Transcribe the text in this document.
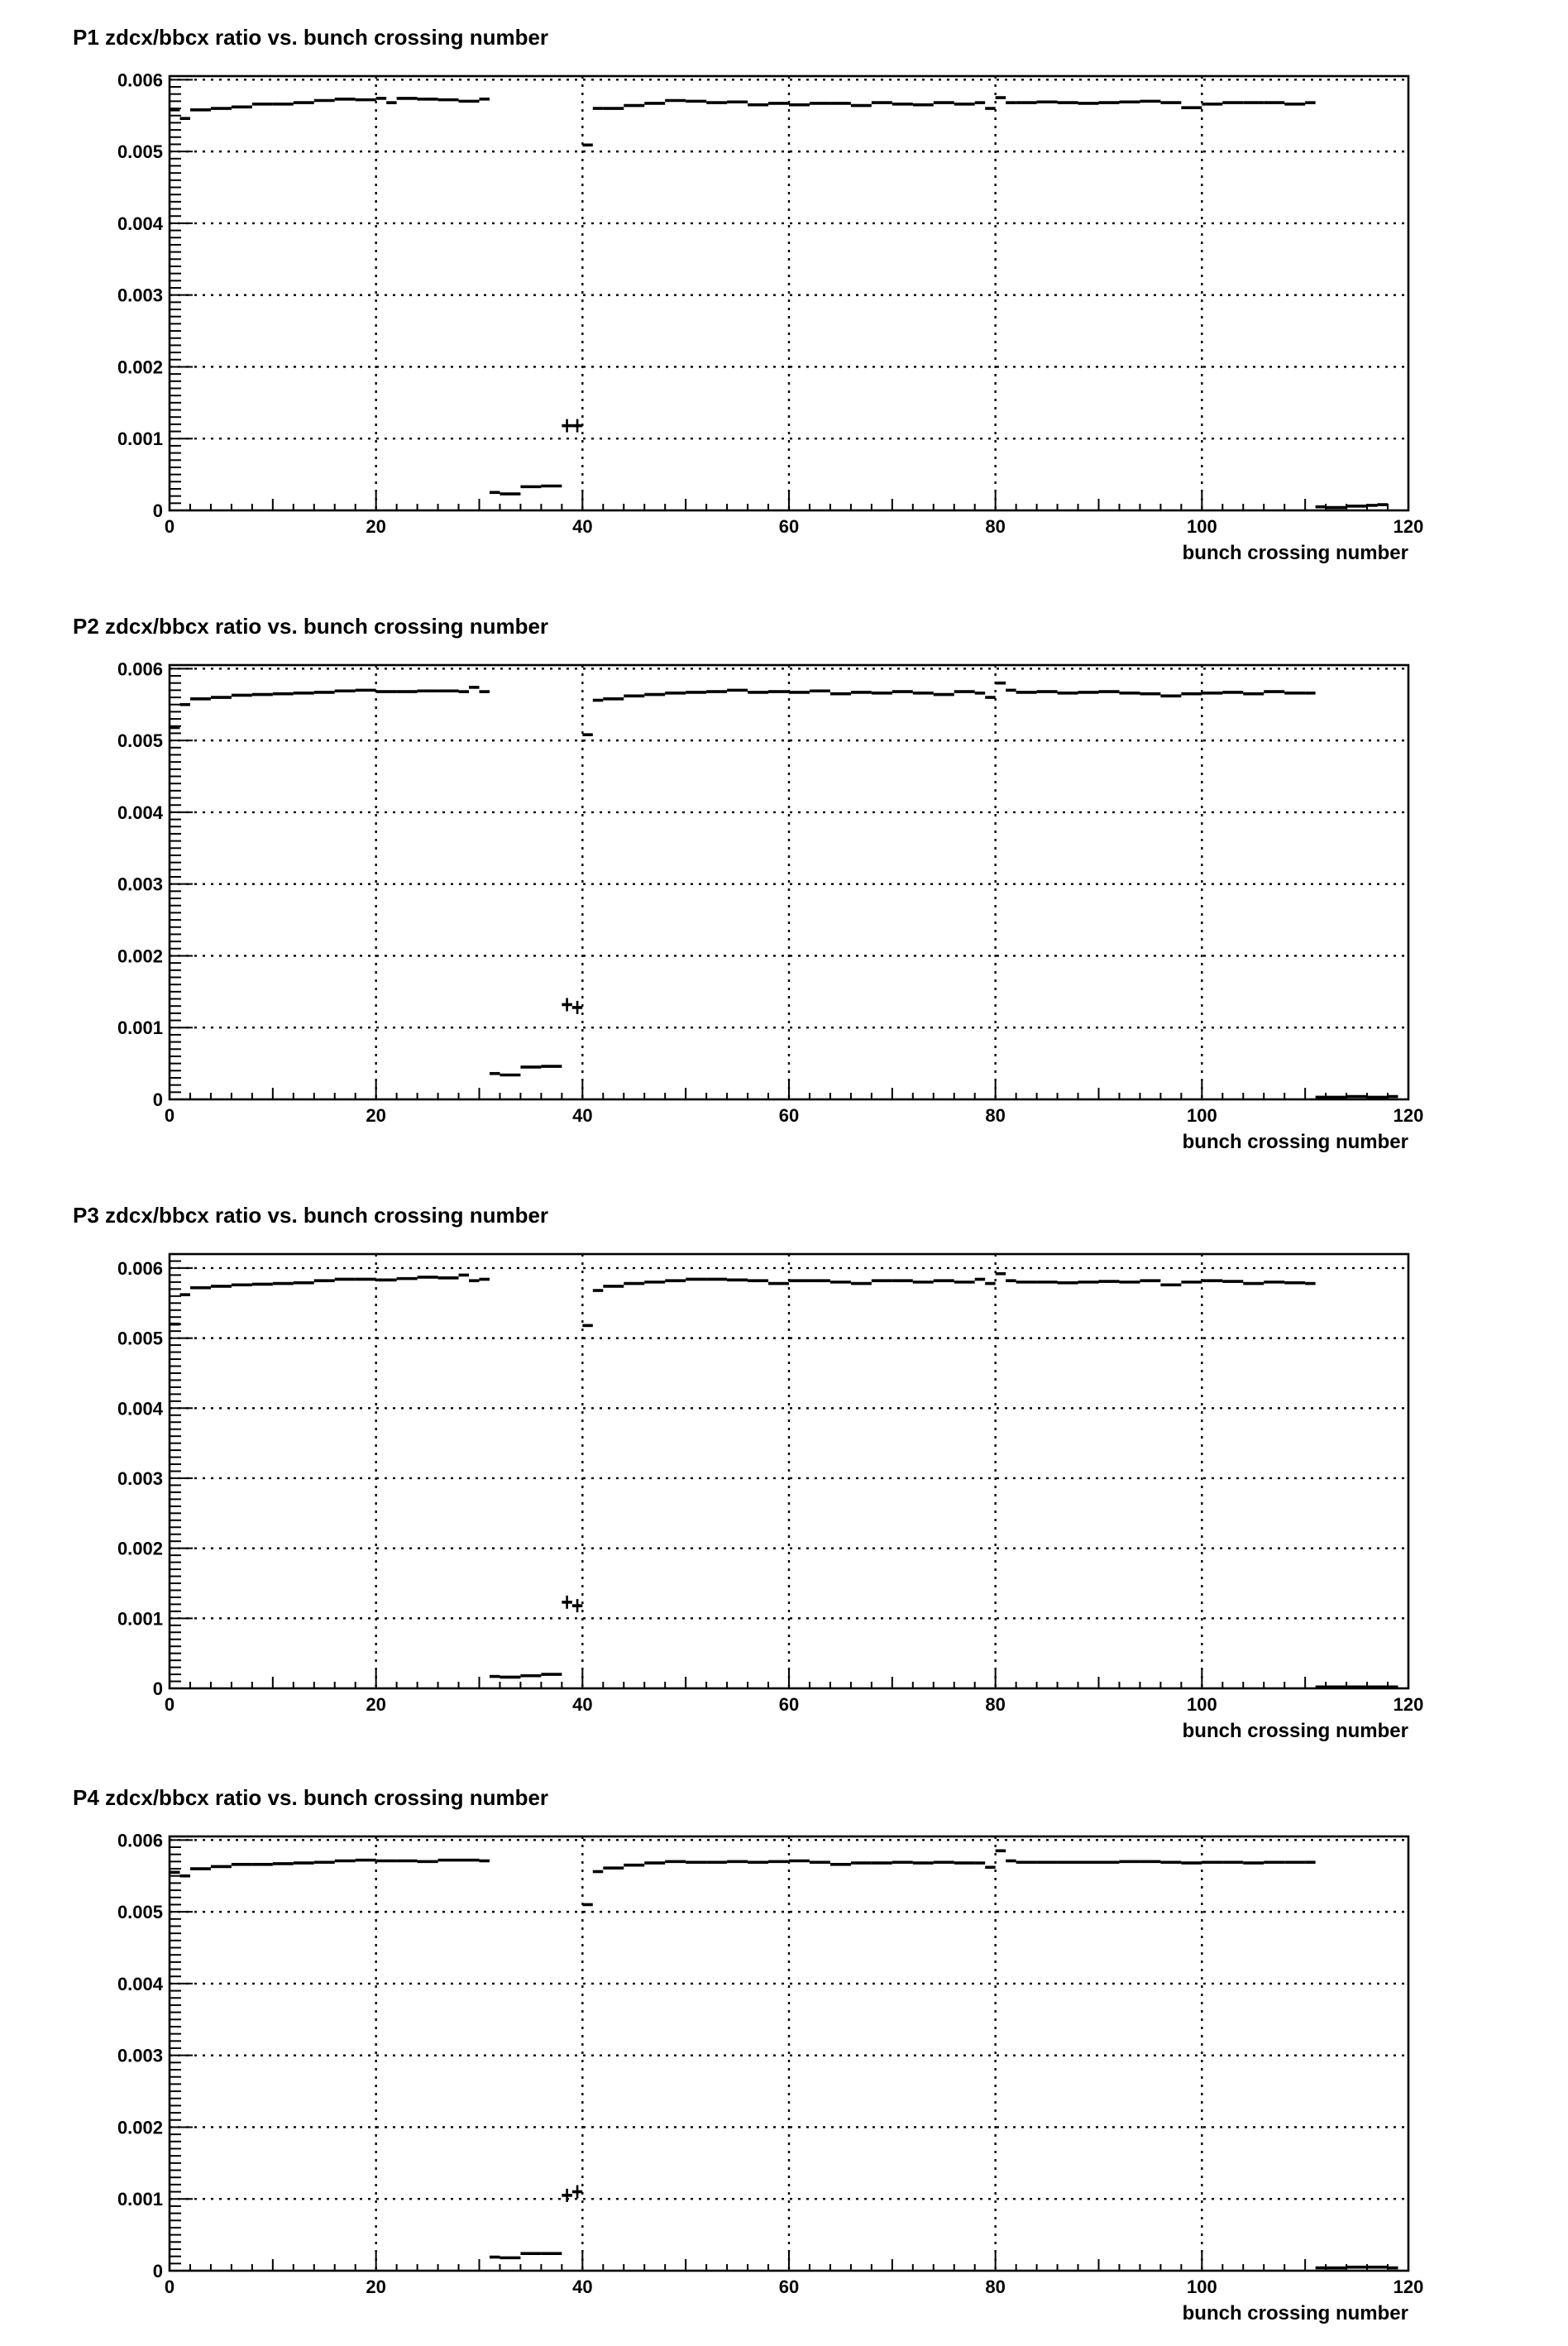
P1 zdcx/bbcx ratio vs. bunch crossing number
0
0.001
0.002
0.003
0.004
0.005
0.006
0	20	40	60	80	100	120
bunch crossing number
P2 zdcx/bbcx ratio vs. bunch crossing number
0
0.001
0.002
0.003
0.004
0.005
0.006
0	20	40	60	80	100	120
bunch crossing number
P3 zdcx/bbcx ratio vs. bunch crossing number
0
0.001
0.002
0.003
0.004
0.005
0.006
0	20	40	60	80	100	120
bunch crossing number
P4 zdcx/bbcx ratio vs. bunch crossing number
0
0.001
0.002
0.003
0.004
0.005
0.006
0	20	40	60	80	100	120
bunch crossing number
